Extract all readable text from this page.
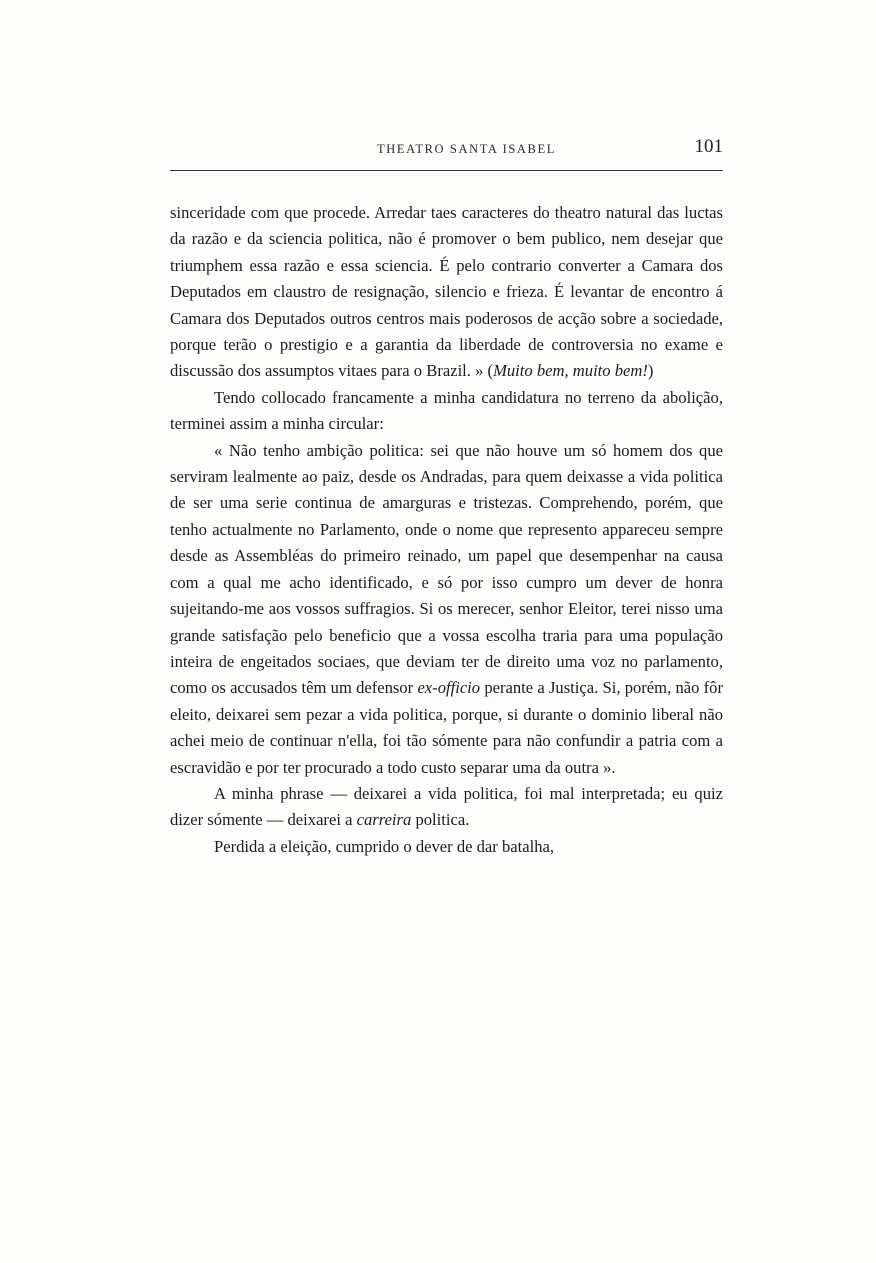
THEATRO SANTA ISABEL	101

sinceridade com que procede. Arredar taes caracteres do theatro natural das luctas da razão e da sciencia politica, não é promover o bem publico, nem desejar que triumphem essa razão e essa sciencia. É pelo contrario converter a Camara dos Deputados em claustro de resignação, silencio e frieza. É levantar de encontro á Camara dos Deputados outros centros mais poderosos de acção sobre a sociedade, porque terão o prestigio e a garantia da liberdade de controversia no exame e discussão dos assumptos vitaes para o Brazil. » (Muito bem, muito bem!)

Tendo collocado francamente a minha candidatura no terreno da abolição, terminei assim a minha circular:

« Não tenho ambição politica: sei que não houve um só homem dos que serviram lealmente ao paiz, desde os Andradas, para quem deixasse a vida politica de ser uma serie continua de amarguras e tristezas. Comprehendo, porém, que tenho actualmente no Parlamento, onde o nome que represento appareceu sempre desde as Assembléas do primeiro reinado, um papel que desempenhar na causa com a qual me acho identificado, e só por isso cumpro um dever de honra sujeitando-me aos vossos suffragios. Si os merecer, senhor Eleitor, terei nisso uma grande satisfação pelo beneficio que a vossa escolha traria para uma população inteira de engeitados sociaes, que deviam ter de direito uma voz no parlamento, como os accusados têm um defensor ex-officio perante a Justiça. Si, porém, não fôr eleito, deixarei sem pezar a vida politica, porque, si durante o dominio liberal não achei meio de continuar n'ella, foi tão sómente para não confundir a patria com a escravidão e por ter procurado a todo custo separar uma da outra ».

A minha phrase — deixarei a vida politica, foi mal interpretada; eu quiz dizer sómente — deixarei a carreira politica.

Perdida a eleição, cumprido o dever de dar batalha,
